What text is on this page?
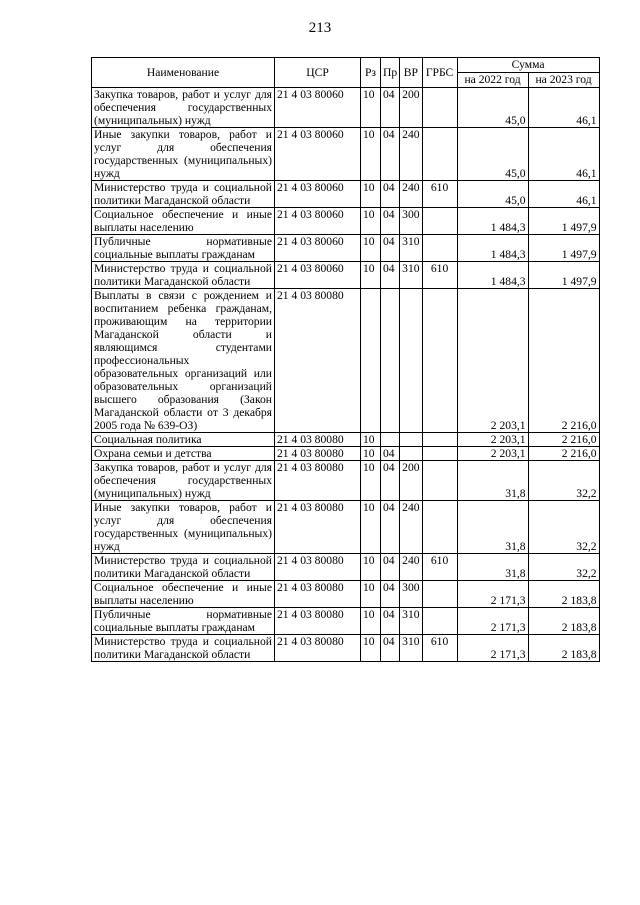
213
Наименование	ЦСР	Рз	Пр	ВР	ГРБС	Сумма	
						на 2022 год	на 2023 год
Закупка товаров, работ и услуг для обеспечения государственных (муниципальных) нужд	21 4 03 80060	10	04	200		45,0	46,1
Иные закупки товаров, работ и услуг для обеспечения государственных (муниципальных) нужд	21 4 03 80060	10	04	240		45,0	46,1
Министерство труда и социальной политики Магаданской области	21 4 03 80060	10	04	240	610	45,0	46,1
Социальное обеспечение и иные выплаты населению	21 4 03 80060	10	04	300		1 484,3	1 497,9
Публичные нормативные социальные выплаты гражданам	21 4 03 80060	10	04	310		1 484,3	1 497,9
Министерство труда и социальной политики Магаданской области	21 4 03 80060	10	04	310	610	1 484,3	1 497,9
Выплаты в связи с рождением и воспитанием ребенка гражданам, проживающим на территории Магаданской области и являющимся студентами профессиональных образовательных организаций или образовательных организаций высшего образования (Закон Магаданской области от 3 декабря 2005 года № 639-ОЗ)	21 4 03 80080					2 203,1	2 216,0
Социальная политика	21 4 03 80080	10				2 203,1	2 216,0
Охрана семьи и детства	21 4 03 80080	10	04			2 203,1	2 216,0
Закупка товаров, работ и услуг для обеспечения государственных (муниципальных) нужд	21 4 03 80080	10	04	200		31,8	32,2
Иные закупки товаров, работ и услуг для обеспечения государственных (муниципальных) нужд	21 4 03 80080	10	04	240		31,8	32,2
Министерство труда и социальной политики Магаданской области	21 4 03 80080	10	04	240	610	31,8	32,2
Социальное обеспечение и иные выплаты населению	21 4 03 80080	10	04	300		2 171,3	2 183,8
Публичные нормативные социальные выплаты гражданам	21 4 03 80080	10	04	310		2 171,3	2 183,8
Министерство труда и социальной политики Магаданской области	21 4 03 80080	10	04	310	610	2 171,3	2 183,8
